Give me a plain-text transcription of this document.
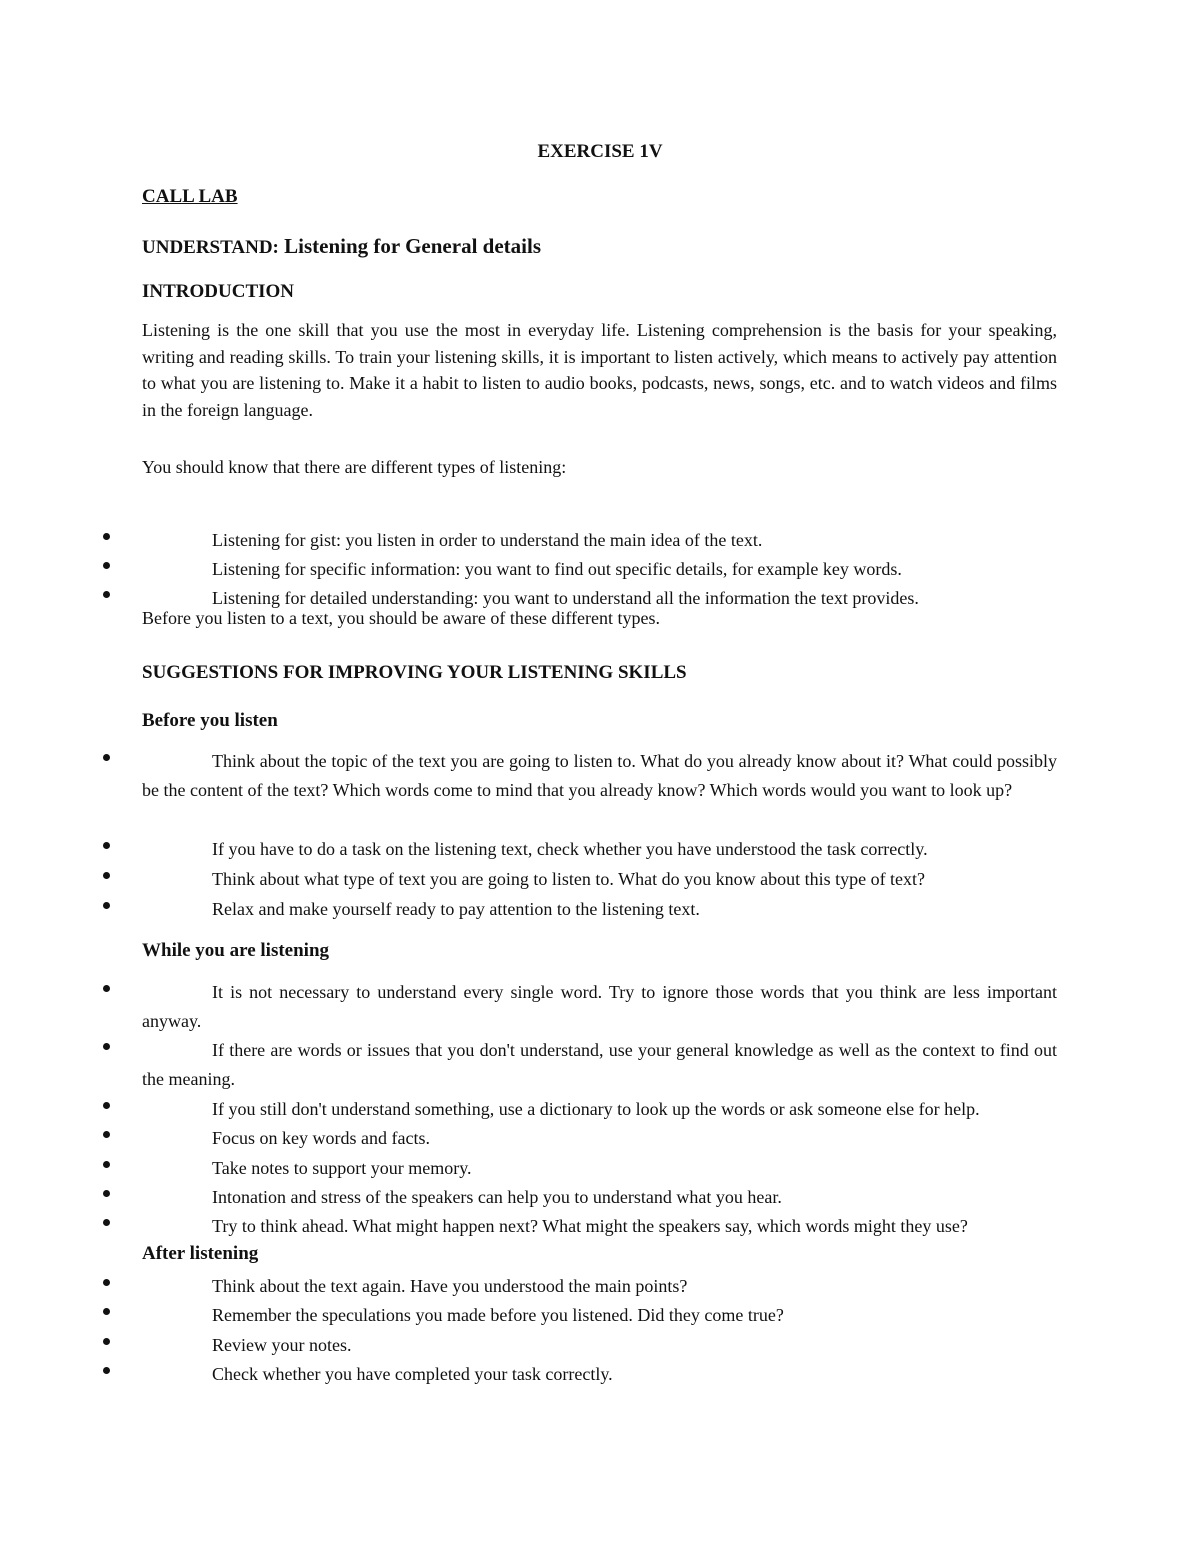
EXERCISE 1V
CALL LAB
UNDERSTAND: Listening for General details
INTRODUCTION
Listening is the one skill that you use the most in everyday life. Listening comprehension is the basis for your speaking, writing and reading skills. To train your listening skills, it is important to listen actively, which means to actively pay attention to what you are listening to. Make it a habit to listen to audio books, podcasts, news, songs, etc. and to watch videos and films in the foreign language.
You should know that there are different types of listening:
Listening for gist: you listen in order to understand the main idea of the text.
Listening for specific information: you want to find out specific details, for example key words.
Listening for detailed understanding: you want to understand all the information the text provides.
Before you listen to a text, you should be aware of these different types.
SUGGESTIONS FOR IMPROVING YOUR LISTENING SKILLS
Before you listen
Think about the topic of the text you are going to listen to. What do you already know about it? What could possibly be the content of the text? Which words come to mind that you already know? Which words would you want to look up?
If you have to do a task on the listening text, check whether you have understood the task correctly.
Think about what type of text you are going to listen to. What do you know about this type of text?
Relax and make yourself ready to pay attention to the listening text.
While you are listening
It is not necessary to understand every single word. Try to ignore those words that you think are less important anyway.
If there are words or issues that you don't understand, use your general knowledge as well as the context to find out the meaning.
If you still don't understand something, use a dictionary to look up the words or ask someone else for help.
Focus on key words and facts.
Take notes to support your memory.
Intonation and stress of the speakers can help you to understand what you hear.
Try to think ahead. What might happen next? What might the speakers say, which words might they use?
After listening
Think about the text again. Have you understood the main points?
Remember the speculations you made before you listened. Did they come true?
Review your notes.
Check whether you have completed your task correctly.
